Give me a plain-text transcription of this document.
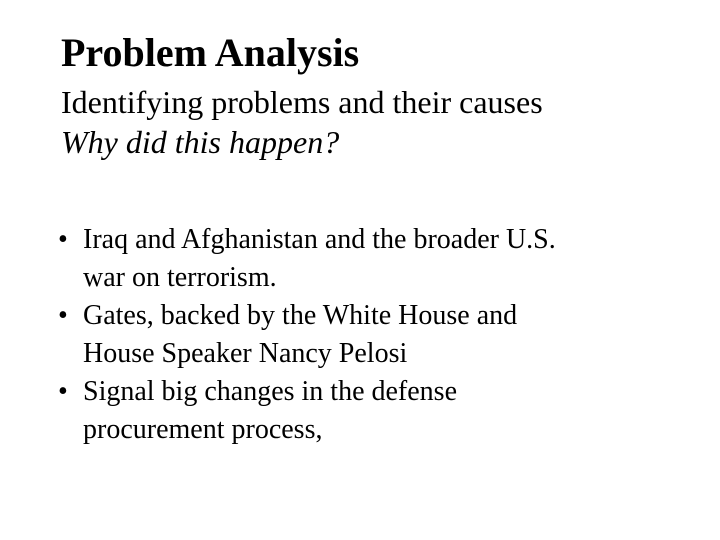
Problem Analysis

Identifying problems and their causes

Why did this happen?

• Iraq and Afghanistan and the broader U.S.
war on terrorism.
• Gates, backed by the White House and
House Speaker Nancy Pelosi
• Signal big changes in the defense
procurement process,
